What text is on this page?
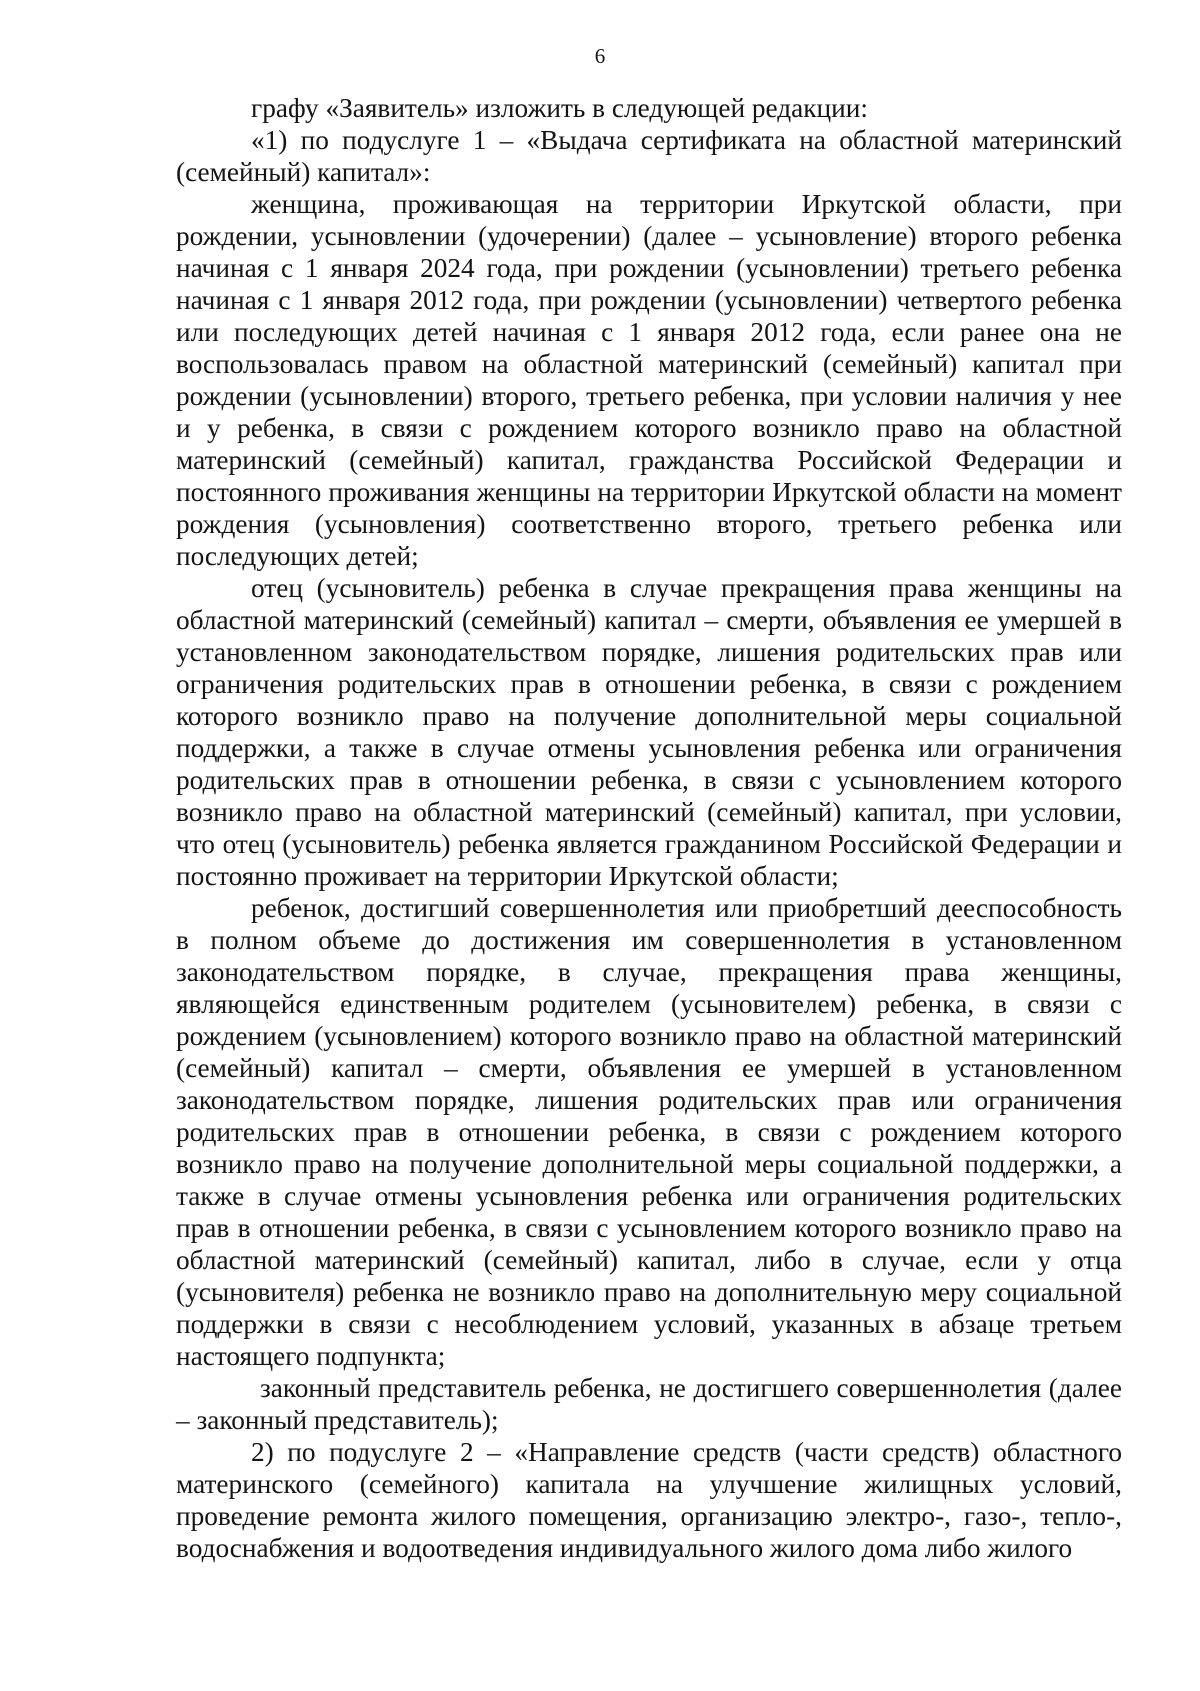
6

графу «Заявитель» изложить в следующей редакции:

«1) по подуслуге 1 – «Выдача сертификата на областной материнский (семейный) капитал»:

женщина, проживающая на территории Иркутской области, при рождении, усыновлении (удочерении) (далее – усыновление) второго ребенка начиная с 1 января 2024 года, при рождении (усыновлении) третьего ребенка начиная с 1 января 2012 года, при рождении (усыновлении) четвертого ребенка или последующих детей начиная с 1 января 2012 года, если ранее она не воспользовалась правом на областной материнский (семейный) капитал при рождении (усыновлении) второго, третьего ребенка, при условии наличия у нее и у ребенка, в связи с рождением которого возникло право на областной материнский (семейный) капитал, гражданства Российской Федерации и постоянного проживания женщины на территории Иркутской области на момент рождения (усыновления) соответственно второго, третьего ребенка или последующих детей;

отец (усыновитель) ребенка в случае прекращения права женщины на областной материнский (семейный) капитал – смерти, объявления ее умершей в установленном законодательством порядке, лишения родительских прав или ограничения родительских прав в отношении ребенка, в связи с рождением которого возникло право на получение дополнительной меры социальной поддержки, а также в случае отмены усыновления ребенка или ограничения родительских прав в отношении ребенка, в связи с усыновлением которого возникло право на областной материнский (семейный) капитал, при условии, что отец (усыновитель) ребенка является гражданином Российской Федерации и постоянно проживает на территории Иркутской области;

ребенок, достигший совершеннолетия или приобретший дееспособность в полном объеме до достижения им совершеннолетия в установленном законодательством порядке, в случае, прекращения права женщины, являющейся единственным родителем (усыновителем) ребенка, в связи с рождением (усыновлением) которого возникло право на областной материнский (семейный) капитал – смерти, объявления ее умершей в установленном законодательством порядке, лишения родительских прав или ограничения родительских прав в отношении ребенка, в связи с рождением которого возникло право на получение дополнительной меры социальной поддержки, а также в случае отмены усыновления ребенка или ограничения родительских прав в отношении ребенка, в связи с усыновлением которого возникло право на областной материнский (семейный) капитал, либо в случае, если у отца (усыновителя) ребенка не возникло право на дополнительную меру социальной поддержки в связи с несоблюдением условий, указанных в абзаце третьем настоящего подпункта;

законный представитель ребенка, не достигшего совершеннолетия (далее – законный представитель);

2) по подуслуге 2 – «Направление средств (части средств) областного материнского (семейного) капитала на улучшение жилищных условий, проведение ремонта жилого помещения, организацию электро-, газо-, тепло-, водоснабжения и водоотведения индивидуального жилого дома либо жилого
